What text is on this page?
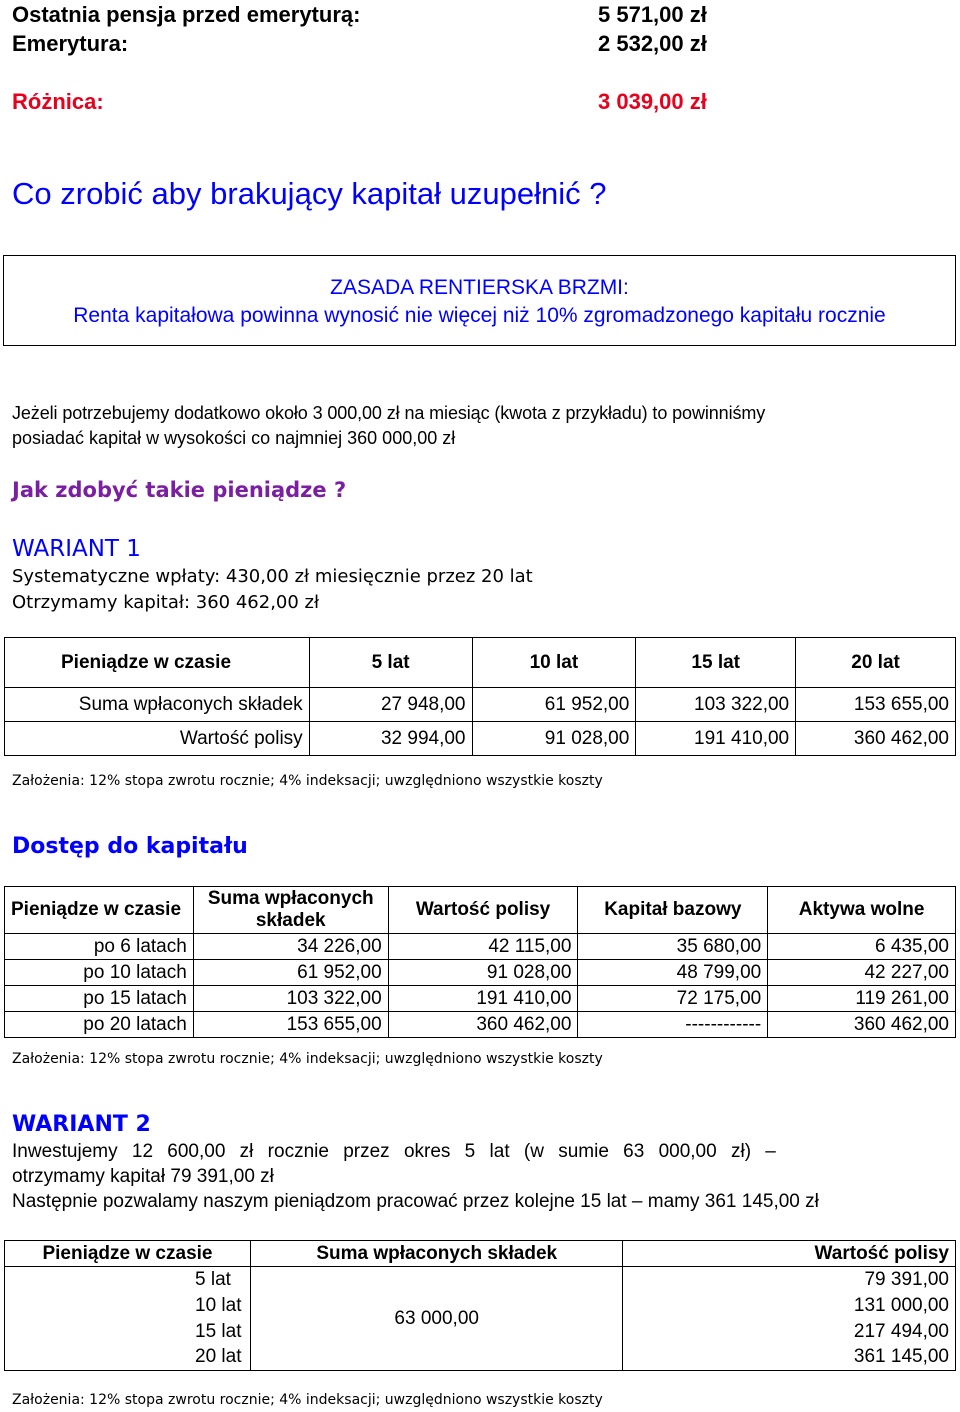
Ostatnia pensja przed emeryturą:	5 571,00 zł
Emerytura:	2 532,00 zł
Różnica:	3 039,00 zł
Co zrobić aby brakujący kapitał uzupełnić ?
ZASADA RENTIERSKA BRZMI:
Renta kapitałowa powinna wynosić nie więcej niż 10% zgromadzonego kapitału rocznie
Jeżeli potrzebujemy dodatkowo około 3 000,00 zł na miesiąc (kwota z przykładu) to powinniśmy
posiadać kapitał w wysokości co najmniej 360 000,00 zł
Jak zdobyć takie pieniądze ?
WARIANT 1
Systematyczne wpłaty: 430,00 zł miesięcznie przez 20 lat
Otrzymamy kapitał: 360 462,00 zł
Pieniądze w czasie	5 lat	10 lat	15 lat	20 lat
Suma wpłaconych składek	27 948,00	61 952,00	103 322,00	153 655,00
Wartość polisy	32 994,00	91 028,00	191 410,00	360 462,00
Założenia: 12% stopa zwrotu rocznie; 4% indeksacji; uwzględniono wszystkie koszty
Dostęp do kapitału
Pieniądze w czasie	Suma wpłaconych składek	Wartość polisy	Kapitał bazowy	Aktywa wolne
po 6 latach	34 226,00	42 115,00	35 680,00	6 435,00
po 10 latach	61 952,00	91 028,00	48 799,00	42 227,00
po 15 latach	103 322,00	191 410,00	72 175,00	119 261,00
po 20 latach	153 655,00	360 462,00	------------	360 462,00
Założenia: 12% stopa zwrotu rocznie; 4% indeksacji; uwzględniono wszystkie koszty
WARIANT 2
Inwestujemy 12 600,00 zł rocznie przez okres 5 lat (w sumie 63 000,00 zł) –
otrzymamy kapitał 79 391,00 zł
Następnie pozwalamy naszym pieniądzom pracować przez kolejne 15 lat – mamy 361 145,00 zł
Pieniądze w czasie	Suma wpłaconych składek	Wartość polisy
5 lat	63 000,00	79 391,00
10 lat		131 000,00
15 lat		217 494,00
20 lat		361 145,00
Założenia: 12% stopa zwrotu rocznie; 4% indeksacji; uwzględniono wszystkie koszty
